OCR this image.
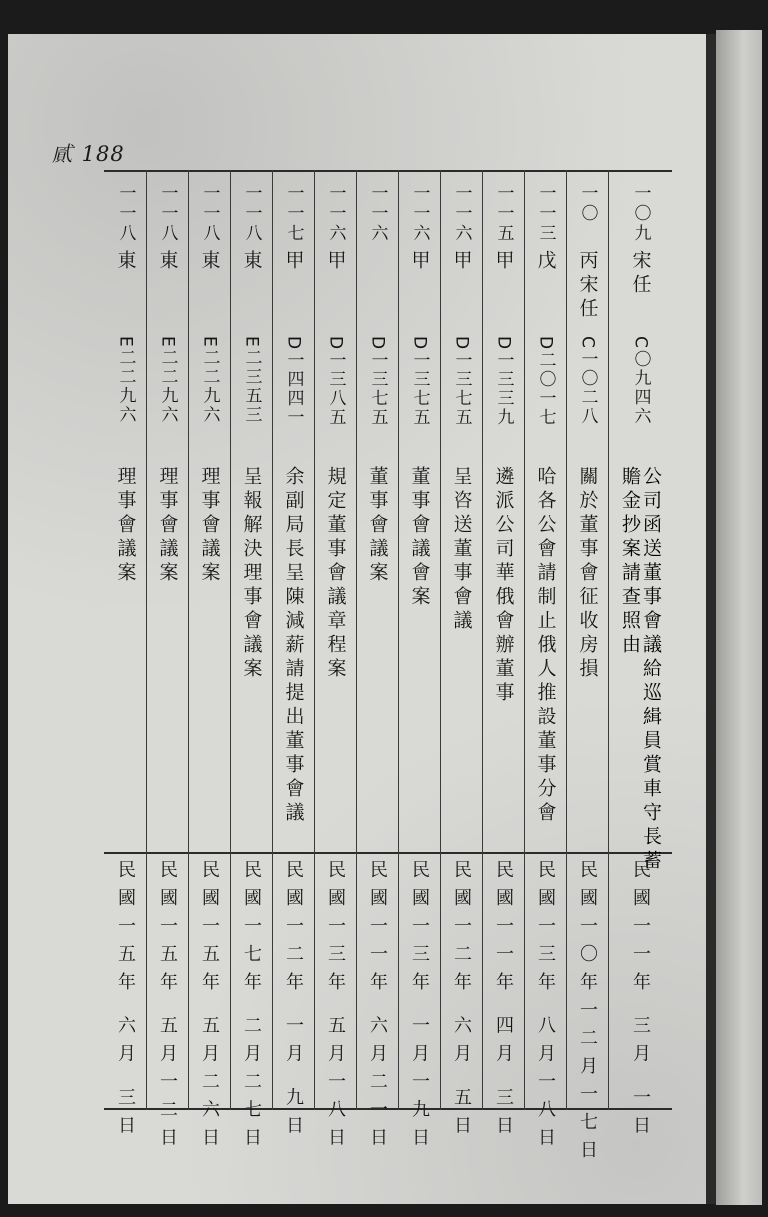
𢎐 188
一〇九
宋任
C〇九四六
公司函送董事會議給巡緝員賞車守長蓄
贍金抄案請查照由
民國一一年 三月 一日
一〇
丙宋任
C一〇二八
關於董事會征收房損
民國一〇年一二月一七日
一一三
戊
D二〇一七
哈各公會請制止俄人推設董事分會
民國一三年 八月一八日
一一五
甲
D一三三九
遴派公司華俄會辦董事
民國一一年 四月 三日
一一六
甲
D一三七五
呈咨送董事會議
民國一二年 六月 五日
一一六
甲
D一三七五
董事會議會案
民國一三年 一月一九日
一一六
D一三七五
董事會議案
民國一一年 六月二一日
一一六
甲
D一三八五
規定董事會議章程案
民國一三年 五月一八日
一一七
甲
D一四四一
余副局長呈陳減薪請提出董事會議
民國一二年 一月 九日
一一八
東
E二三五三
呈報解決理事會議案
民國一七年 二月二七日
一一八
東
E二二九六
理事會議案
民國一五年 五月二六日
一一八
東
E二二九六
理事會議案
民國一五年 五月一二日
一一八
東
E二二九六
理事會議案
民國一五年 六月 三日
